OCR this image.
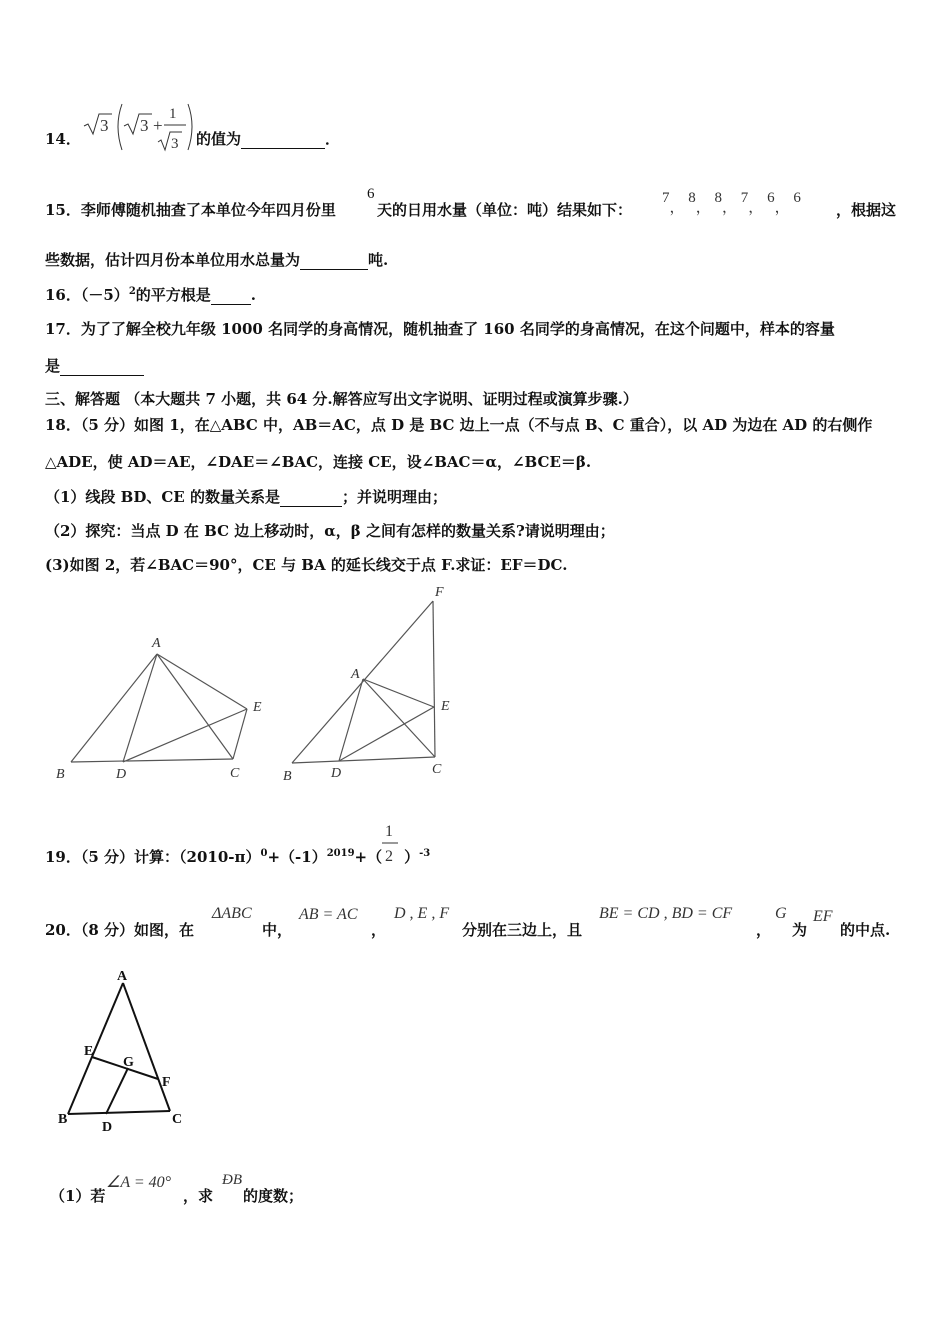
14．
3 3 +
1
3 的值为	．
15．李师傅随机抽查了本单位今年四月份里
6
天的日用水量（单位：吨）结果如下：
7， 8， 8， 7， 6， 6
，根据这
些数据，估计四月份本单位用水总量为	吨.
16．$(-5)^2$的平方根是	.
17．为了了解全校九年级 1000 名同学的身高情况，随机抽查了 160 名同学的身高情况，在这个问题中，样本的容量
是
三、解答题 （本大题共 7 小题，共 64 分.解答应写出文字说明、证明过程或演算步骤.）
18．（5 分）如图 1，在△ABC 中，AB＝AC，点 D 是 BC 边上一点（不与点 B、C 重合），以 AD 为边在 AD 的右侧作
△ADE，使 AD＝AE，∠DAE＝∠BAC，连接 CE，设∠BAC＝α，∠BCE＝β.
（1）线段 BD、CE 的数量关系是	；并说明理由；
（2）探究：当点 D 在 BC 边上移动时，α，β 之间有怎样的数量关系?请说明理由；
(3)如图 2，若∠BAC＝90°，CE 与 BA 的延长线交于点 F.求证：EF＝DC.
A
B	D	C
E
F
A
E
B	D	C
19．（5 分）计算：$(2010-\pi)^0+(-1)^{2019}+$（ ）$^{-3}$
1
2
20．（8 分）如图，在
ΔABC
中，
AB = AC
，
D , E , F
分别在三边上，且
BE = CD , BD = CF
，
G
为
EF
的中点.
A
E
G
F
B
D
C
（1）若
∠A = 40°
，求
ÐB
的度数；
